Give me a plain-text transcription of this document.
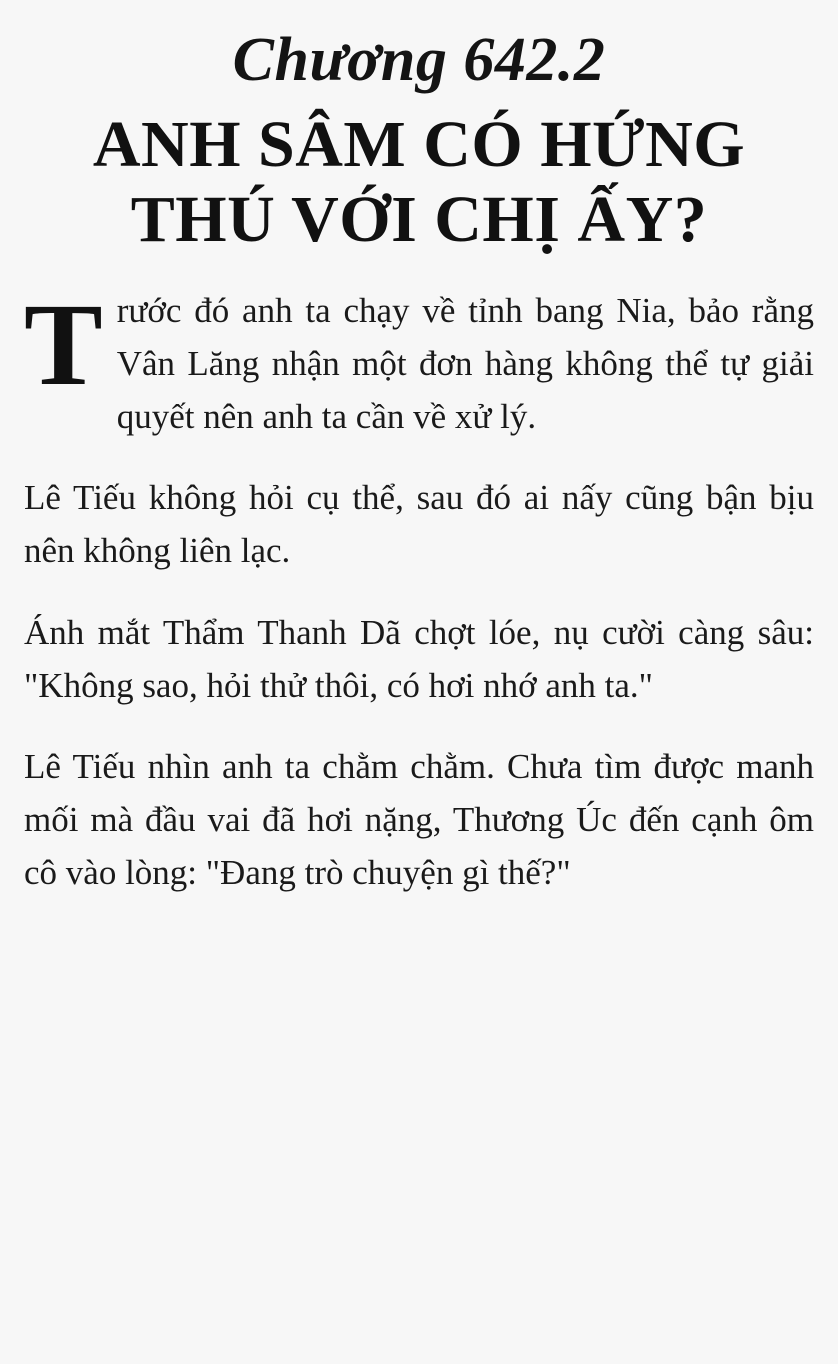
Chương 642.2
ANH SÂM CÓ HỨNG THÚ VỚI CHỊ ẤY?

Trước đó anh ta chạy về tỉnh bang Nia, bảo rằng Vân Lăng nhận một đơn hàng không thể tự giải quyết nên anh ta cần về xử lý.

Lê Tiếu không hỏi cụ thể, sau đó ai nấy cũng bận bịu nên không liên lạc.

Ánh mắt Thẩm Thanh Dã chợt lóe, nụ cười càng sâu: "Không sao, hỏi thử thôi, có hơi nhớ anh ta."

Lê Tiếu nhìn anh ta chằm chằm. Chưa tìm được manh mối mà đầu vai đã hơi nặng, Thương Úc đến cạnh ôm cô vào lòng: "Đang trò chuyện gì thế?"
